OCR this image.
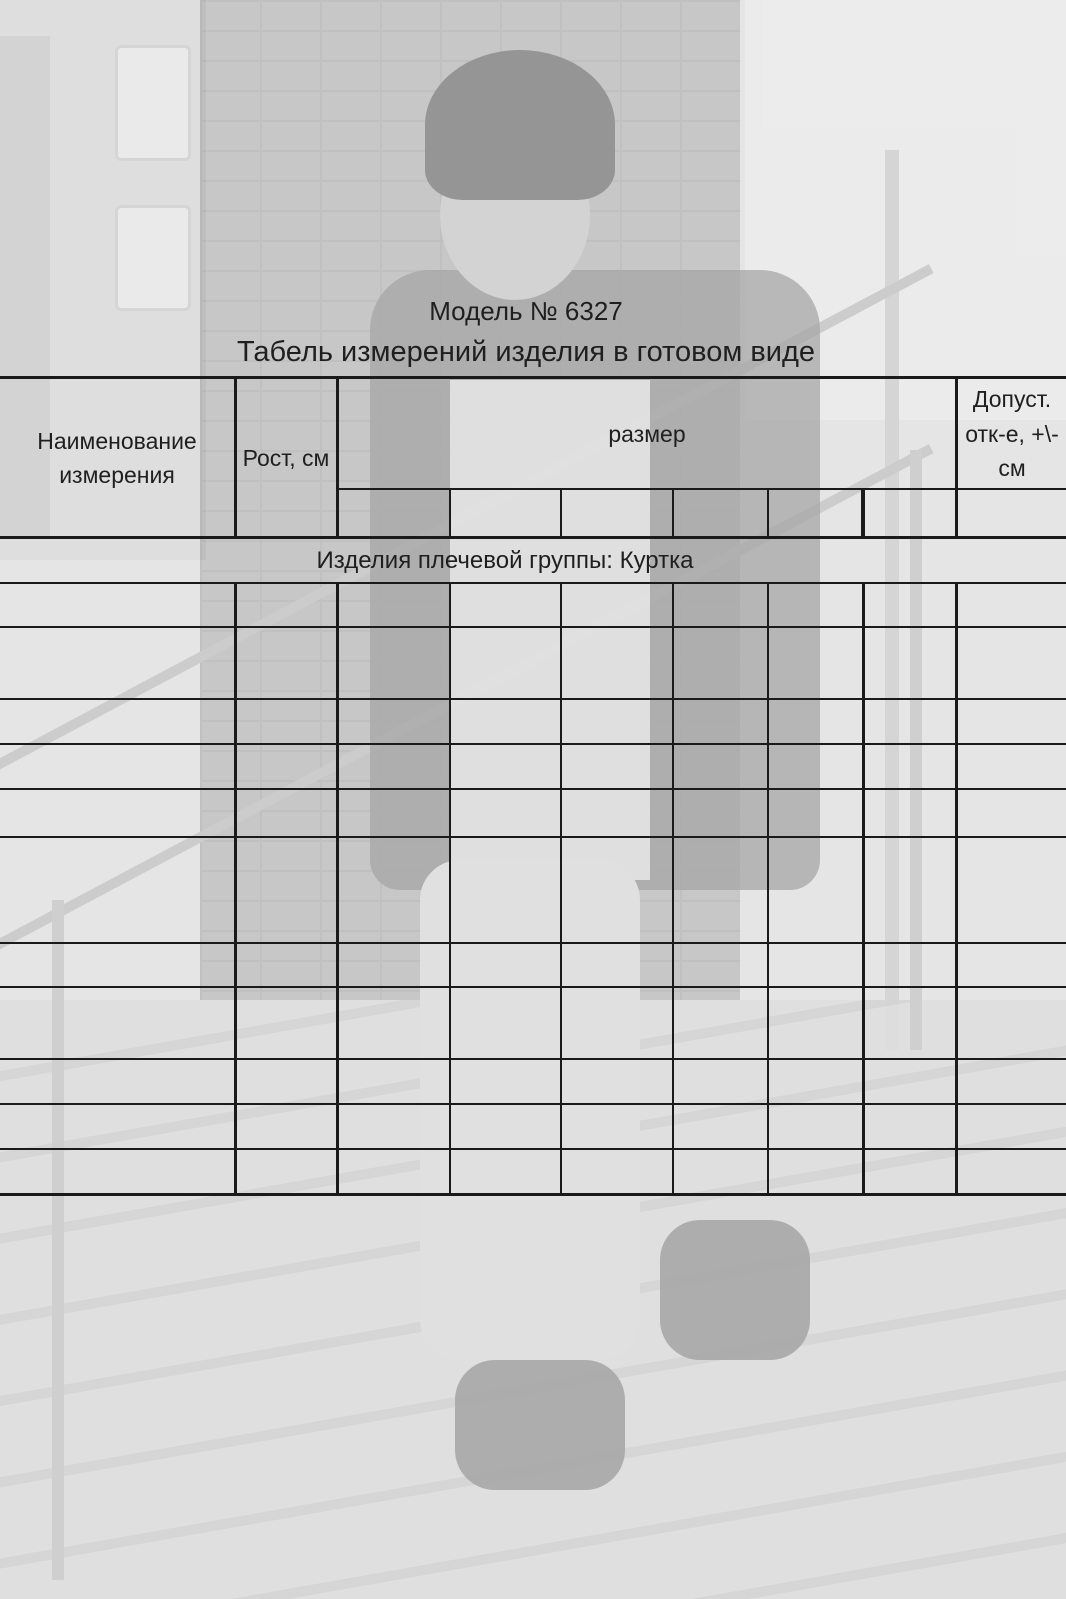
Модель № 6327
Табель измерений изделия в готовом виде
Наименование измерения
Рост, см
размер
Допуст. отк-е, +\-см
Изделия плечевой группы: Куртка
